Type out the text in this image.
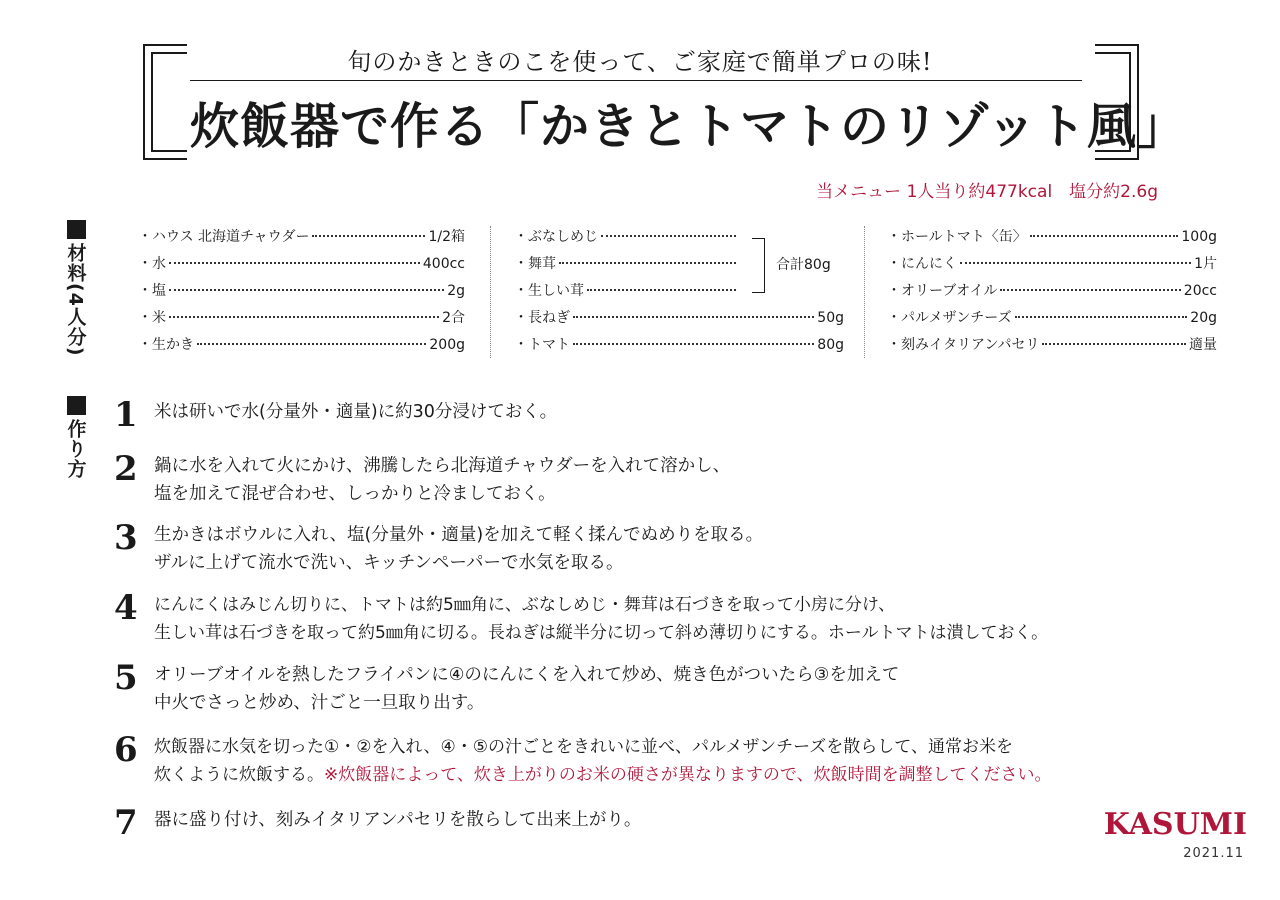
旬のかきときのこを使って、ご家庭で簡単プロの味!
炊飯器で作る「かきとトマトのリゾット風」
当メニュー 1人当り約477kcal　塩分約2.6g
材料(4人分)
・ハウス 北海道チャウダー	1/2箱
・水	400cc
・塩	2g
・米	2合
・生かき	200g
・ぶなしめじ
・舞茸
・生しい茸
・長ねぎ	50g
・トマト	80g
合計80g
・ホールトマト〈缶〉	100g
・にんにく	1片
・オリーブオイル	20cc
・パルメザンチーズ	20g
・刻みイタリアンパセリ	適量
作り方
1 米は研いで水(分量外・適量)に約30分浸けておく。
2 鍋に水を入れて火にかけ、沸騰したら北海道チャウダーを入れて溶かし、
塩を加えて混ぜ合わせ、しっかりと冷ましておく。
3 生かきはボウルに入れ、塩(分量外・適量)を加えて軽く揉んでぬめりを取る。
ザルに上げて流水で洗い、キッチンペーパーで水気を取る。
4 にんにくはみじん切りに、トマトは約5㎜角に、ぶなしめじ・舞茸は石づきを取って小房に分け、
生しい茸は石づきを取って約5㎜角に切る。長ねぎは縦半分に切って斜め薄切りにする。ホールトマトは潰しておく。
5 オリーブオイルを熱したフライパンに④のにんにくを入れて炒め、焼き色がついたら③を加えて
中火でさっと炒め、汁ごと一旦取り出す。
6 炊飯器に水気を切った①・②を入れ、④・⑤の汁ごとをきれいに並べ、パルメザンチーズを散らして、通常お米を
炊くように炊飯する。※炊飯器によって、炊き上がりのお米の硬さが異なりますので、炊飯時間を調整してください。
7 器に盛り付け、刻みイタリアンパセリを散らして出来上がり。	KASUMI
2021.11
